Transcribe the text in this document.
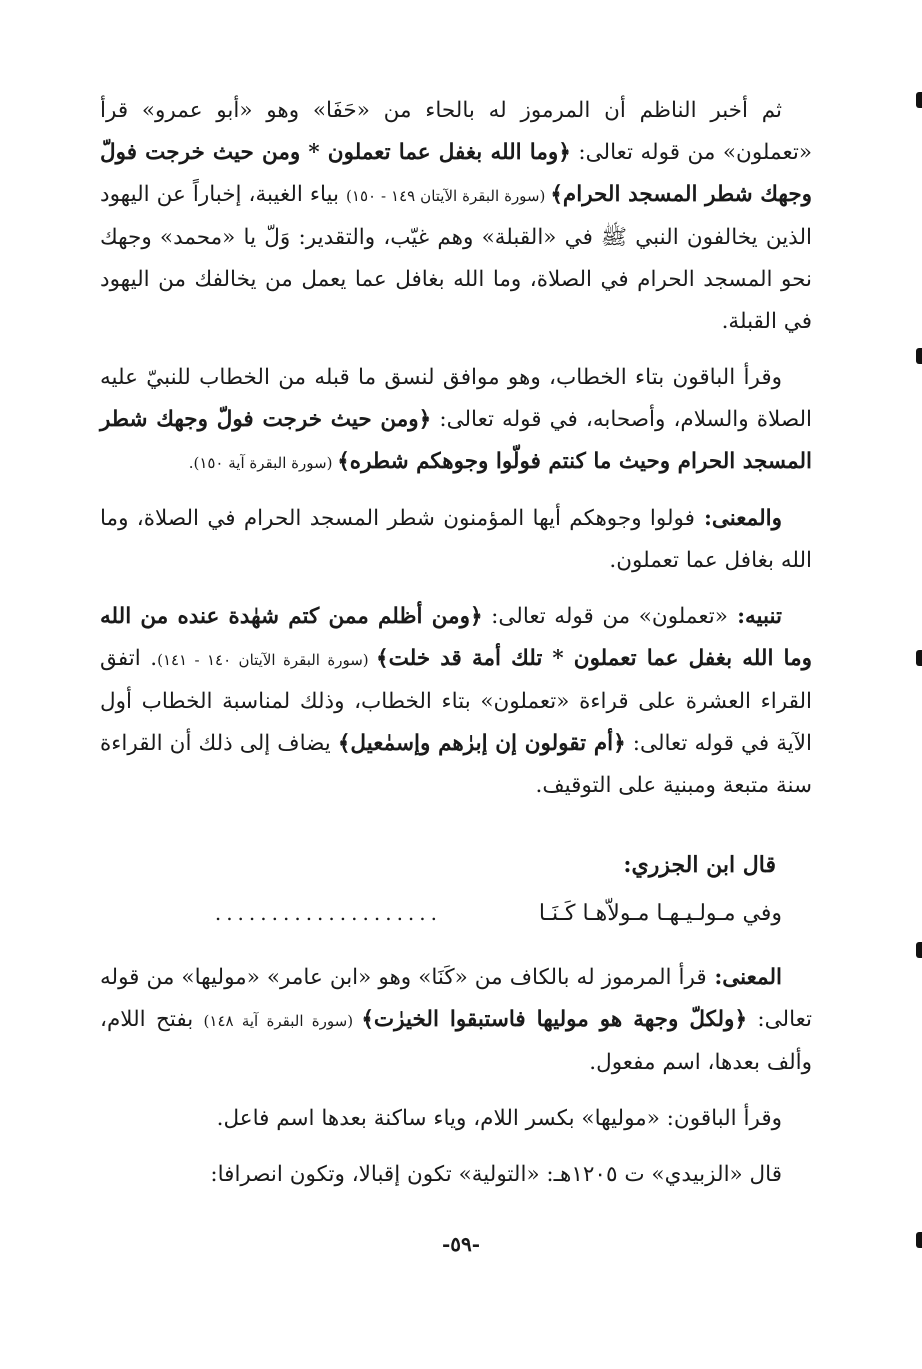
ثم أخبر الناظم أن المرموز له بالحاء من «حَفَا» وهو «أبو عمرو» قرأ «تعملون» من قوله تعالى: ﴿وما الله بغفل عما تعملون * ومن حيث خرجت فولّ وجهك شطر المسجد الحرام﴾ (سورة البقرة الآيتان ١٤٩ - ١٥٠) بياء الغيبة، إخباراً عن اليهود الذين يخالفون النبي ﷺ في «القبلة» وهم غيّب، والتقدير: وَلّ يا «محمد» وجهك نحو المسجد الحرام في الصلاة، وما الله بغافل عما يعمل من يخالفك من اليهود في القبلة.

وقرأ الباقون بتاء الخطاب، وهو موافق لنسق ما قبله من الخطاب للنبيّ عليه الصلاة والسلام، وأصحابه، في قوله تعالى: ﴿ومن حيث خرجت فولّ وجهك شطر المسجد الحرام وحيث ما كنتم فولّوا وجوهكم شطره﴾ (سورة البقرة آية ١٥٠).

والمعنى: فولوا وجوهكم أيها المؤمنون شطر المسجد الحرام في الصلاة، وما الله بغافل عما تعملون.

تنبيه: «تعملون» من قوله تعالى: ﴿ومن أظلم ممن كتم شهٰدة عنده من الله وما الله بغفل عما تعملون * تلك أمة قد خلت﴾ (سورة البقرة الآيتان ١٤٠ - ١٤١). اتفق القراء العشرة على قراءة «تعملون» بتاء الخطاب، وذلك لمناسبة الخطاب أول الآية في قوله تعالى: ﴿أم تقولون إن إبرٰهم وإسمٰعيل﴾ يضاف إلى ذلك أن القراءة سنة متبعة ومبنية على التوقيف.

قال ابن الجزري:
وفي مـولـيـهـا مـولاّهـا كَـنَـا
....................

المعنى: قرأ المرموز له بالكاف من «كَنَا» وهو «ابن عامر» «موليها» من قوله تعالى: ﴿ولكلّ وجهة هو موليها فاستبقوا الخيرٰت﴾ (سورة البقرة آية ١٤٨) بفتح اللام، وألف بعدها، اسم مفعول.

وقرأ الباقون: «موليها» بكسر اللام، وياء ساكنة بعدها اسم فاعل.

قال «الزبيدي» ت ١٢٠٥هـ: «التولية» تكون إقبالا، وتكون انصرافا:

-٥٩-
